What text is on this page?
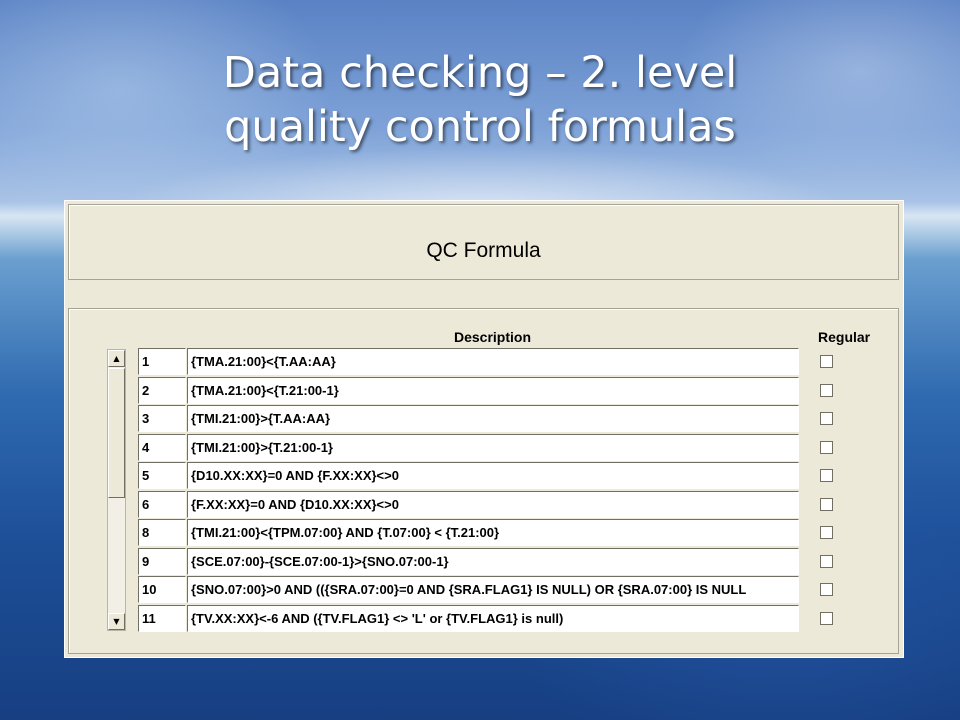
Data checking – 2. level
quality control formulas
QC Formula
Description	Regular
▲
▼
1	{TMA.21:00}<{T.AA:AA}
2	{TMA.21:00}<{T.21:00-1}
3	{TMI.21:00}>{T.AA:AA}
4	{TMI.21:00}>{T.21:00-1}
5	{D10.XX:XX}=0 AND {F.XX:XX}<>0
6	{F.XX:XX}=0 AND {D10.XX:XX}<>0
8	{TMI.21:00}<{TPM.07:00} AND {T.07:00} < {T.21:00}
9	{SCE.07:00}-{SCE.07:00-1}>{SNO.07:00-1}
10	{SNO.07:00}>0 AND (({SRA.07:00}=0 AND {SRA.FLAG1} IS NULL) OR {SRA.07:00} IS NULL
11	{TV.XX:XX}<-6 AND ({TV.FLAG1} <> 'L' or {TV.FLAG1} is null)
